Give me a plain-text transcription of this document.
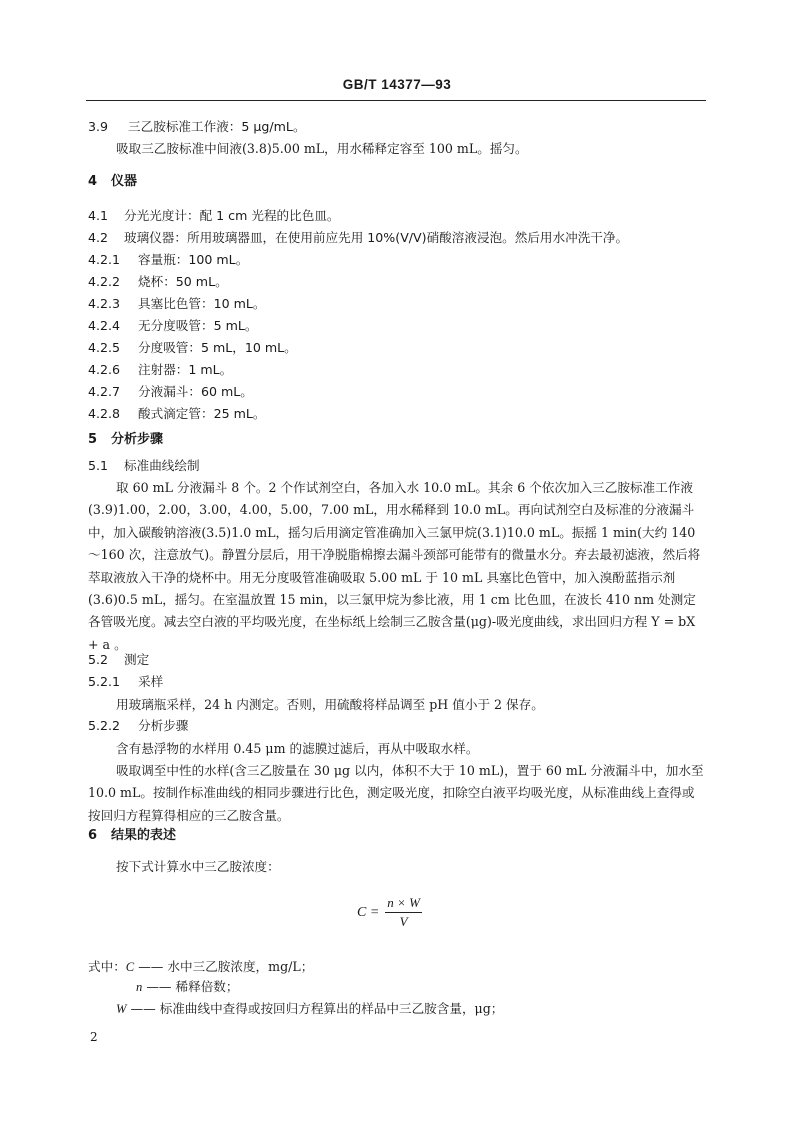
GB/T 14377—93
3.9 三乙胺标准工作液：5 μg/mL。
吸取三乙胺标准中间液(3.8)5.00 mL，用水稀释定容至 100 mL。摇匀。
4 仪器
4.1 分光光度计：配 1 cm 光程的比色皿。
4.2 玻璃仪器：所用玻璃器皿，在使用前应先用 10%(V/V)硝酸溶液浸泡。然后用水冲洗干净。
4.2.1 容量瓶：100 mL。
4.2.2 烧杯：50 mL。
4.2.3 具塞比色管：10 mL。
4.2.4 无分度吸管：5 mL。
4.2.5 分度吸管：5 mL，10 mL。
4.2.6 注射器：1 mL。
4.2.7 分液漏斗：60 mL。
4.2.8 酸式滴定管：25 mL。
5 分析步骤
5.1 标准曲线绘制
取 60 mL 分液漏斗 8 个。2 个作试剂空白，各加入水 10.0 mL。其余 6 个依次加入三乙胺标准工作液(3.9)1.00，2.00，3.00，4.00，5.00，7.00 mL，用水稀释到 10.0 mL。再向试剂空白及标准的分液漏斗中，加入碳酸钠溶液(3.5)1.0 mL，摇匀后用滴定管准确加入三氯甲烷(3.1)10.0 mL。振摇 1 min(大约 140～160 次，注意放气)。静置分层后，用干净脱脂棉擦去漏斗颈部可能带有的微量水分。弃去最初滤液，然后将萃取液放入干净的烧杯中。用无分度吸管准确吸取 5.00 mL 于 10 mL 具塞比色管中，加入溴酚蓝指示剂(3.6)0.5 mL，摇匀。在室温放置 15 min，以三氯甲烷为参比液，用 1 cm 比色皿，在波长 410 nm 处测定各管吸光度。减去空白液的平均吸光度，在坐标纸上绘制三乙胺含量(μg)-吸光度曲线，求出回归方程 Y = bX + a 。
5.2 测定
5.2.1 采样
用玻璃瓶采样，24 h 内测定。否则，用硫酸将样品调至 pH 值小于 2 保存。
5.2.2 分析步骤
含有悬浮物的水样用 0.45 μm 的滤膜过滤后，再从中吸取水样。
吸取调至中性的水样(含三乙胺量在 30 μg 以内，体积不大于 10 mL)，置于 60 mL 分液漏斗中，加水至 10.0 mL。按制作标准曲线的相同步骤进行比色，测定吸光度，扣除空白液平均吸光度，从标准曲线上查得或按回归方程算得相应的三乙胺含量。
6 结果的表述
按下式计算水中三乙胺浓度：
$C = \frac{n \times W}{V}$
式中：C —— 水中三乙胺浓度，mg/L；
n —— 稀释倍数；
W —— 标准曲线中查得或按回归方程算出的样品中三乙胺含量，μg；
2
